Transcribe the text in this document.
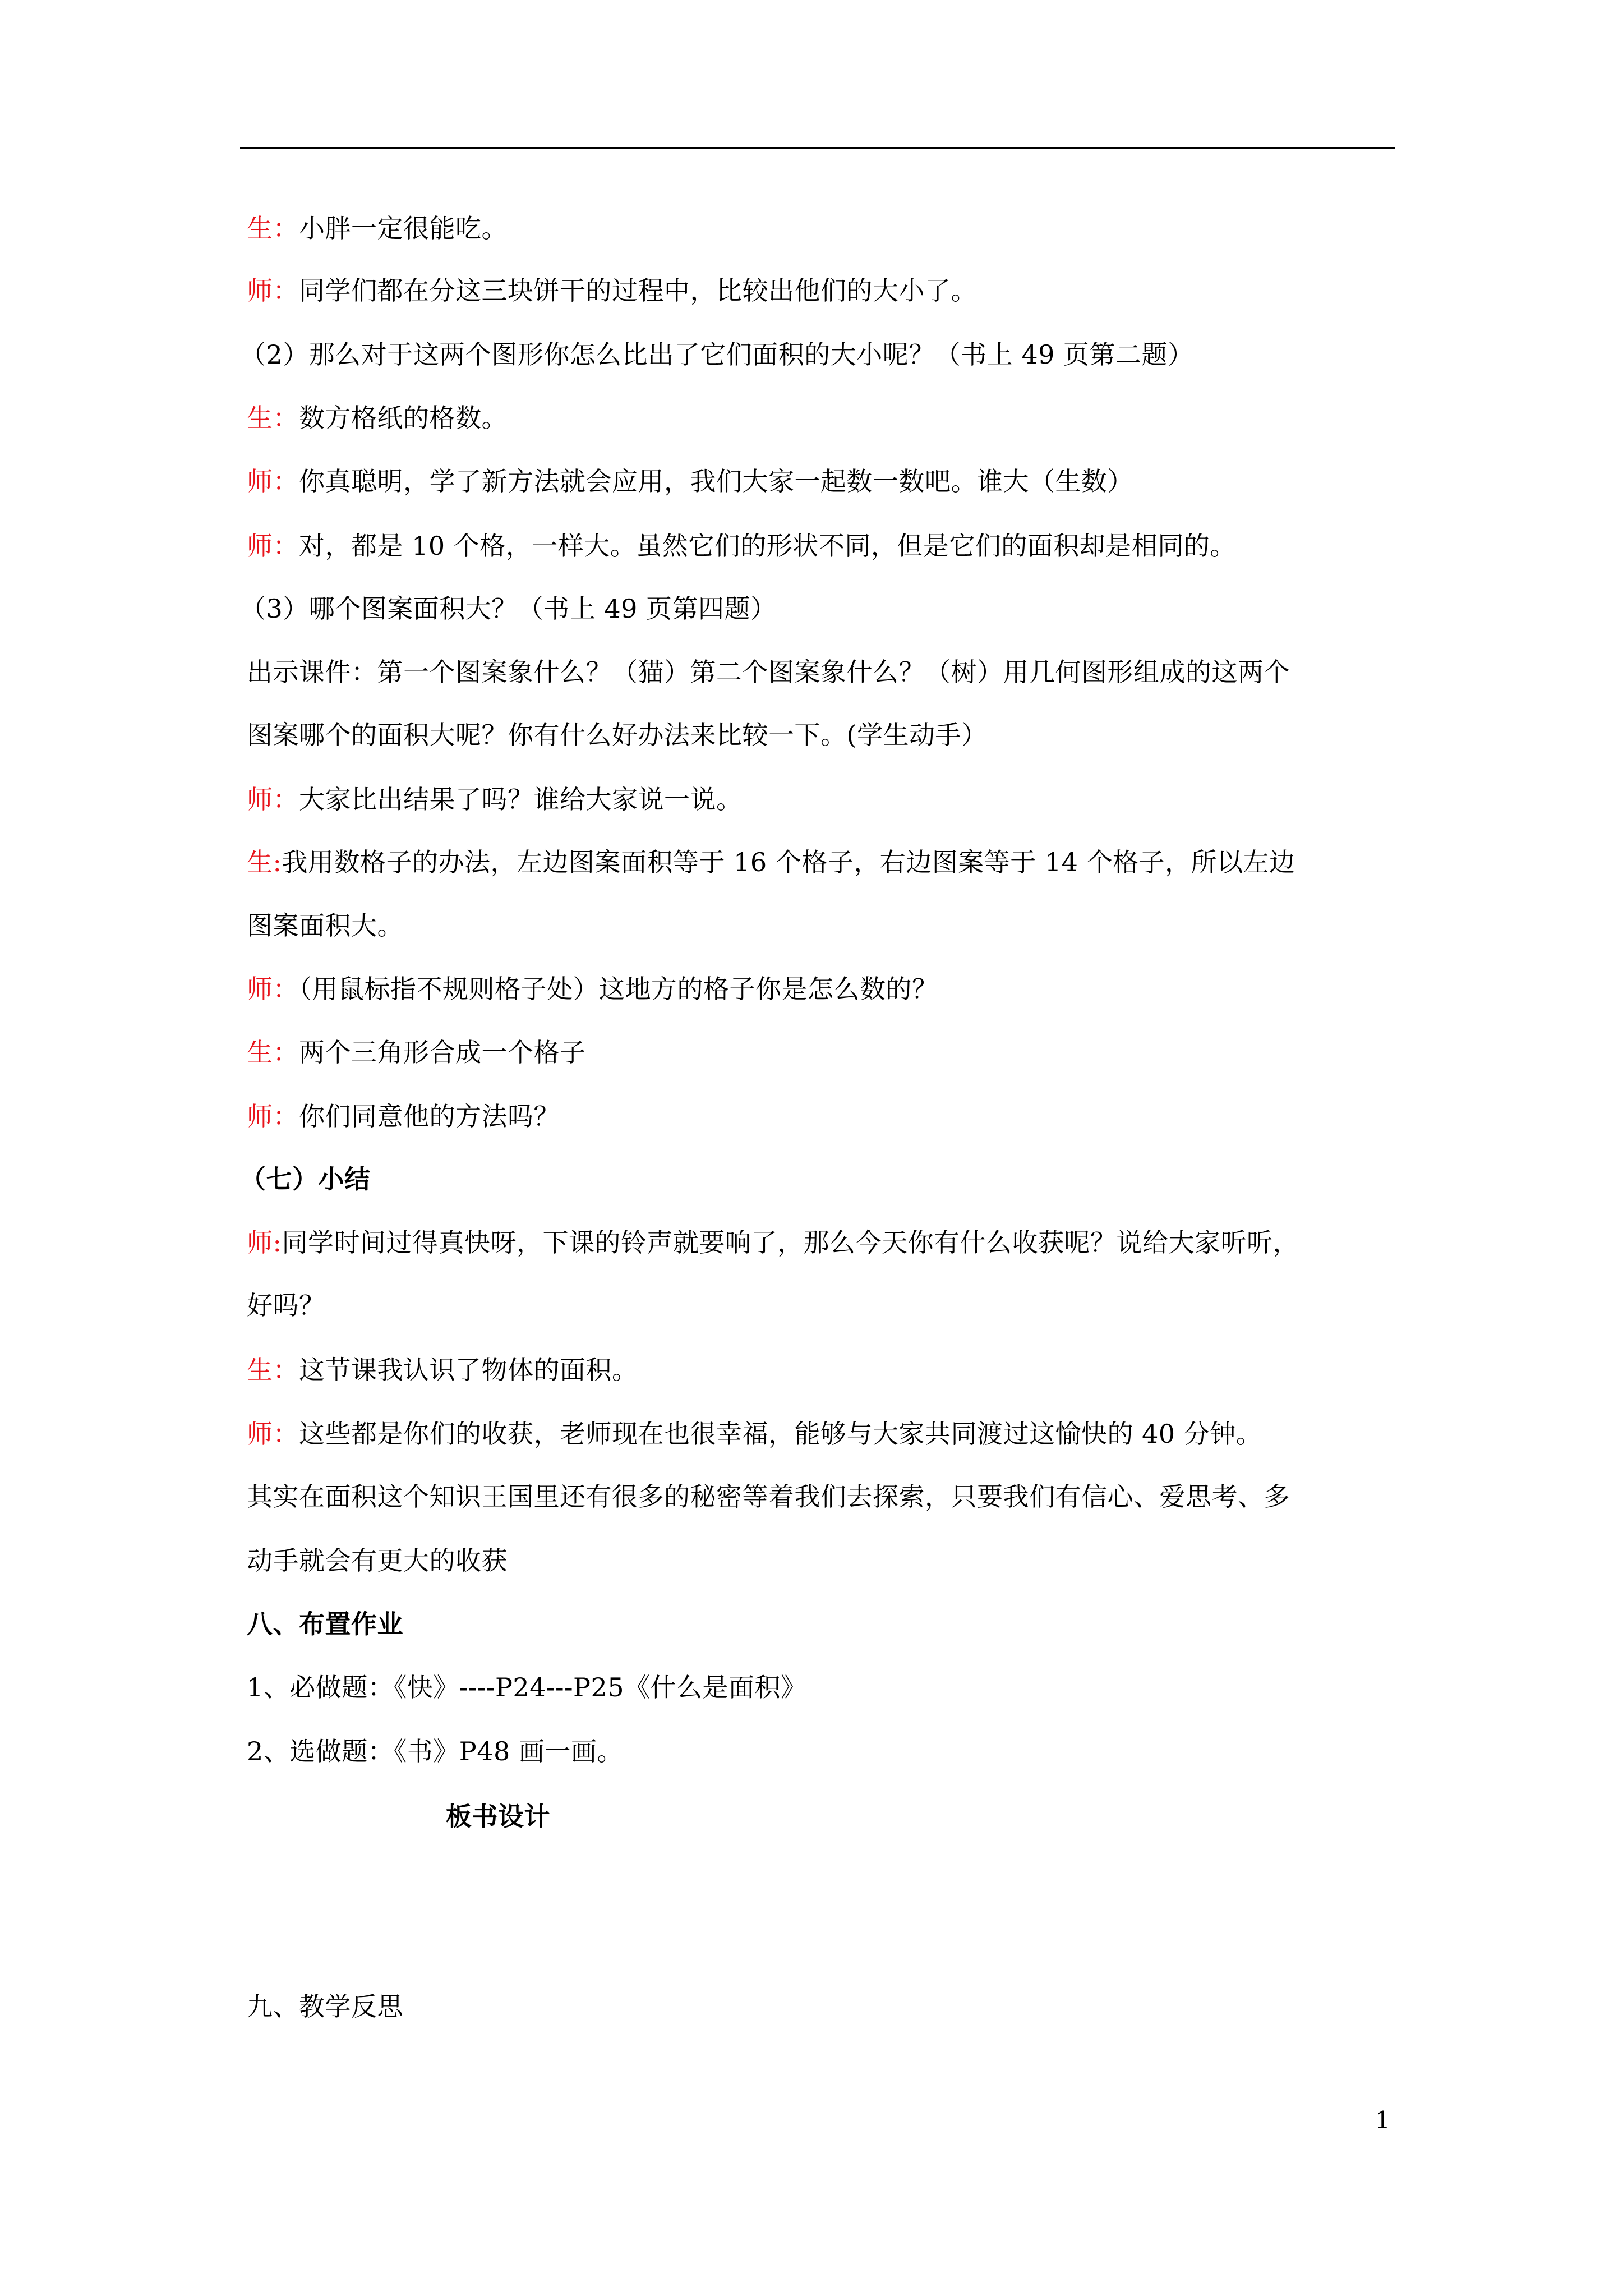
生：小胖一定很能吃。
师：同学们都在分这三块饼干的过程中，比较出他们的大小了。
（2）那么对于这两个图形你怎么比出了它们面积的大小呢？（书上 49 页第二题）
生：数方格纸的格数。
师：你真聪明，学了新方法就会应用，我们大家一起数一数吧。谁大（生数）
师：对，都是 10 个格，一样大。虽然它们的形状不同，但是它们的面积却是相同的。
（3）哪个图案面积大？（书上 49 页第四题）
出示课件：第一个图案象什么？（猫）第二个图案象什么？（树）用几何图形组成的这两个
图案哪个的面积大呢？你有什么好办法来比较一下。(学生动手）
师：大家比出结果了吗？谁给大家说一说。
生:我用数格子的办法，左边图案面积等于 16 个格子，右边图案等于 14 个格子，所以左边
图案面积大。
师：（用鼠标指不规则格子处）这地方的格子你是怎么数的？
生：两个三角形合成一个格子
师：你们同意他的方法吗？
（七）小结
师:同学时间过得真快呀，下课的铃声就要响了，那么今天你有什么收获呢？说给大家听听，
好吗？
生：这节课我认识了物体的面积。
师：这些都是你们的收获，老师现在也很幸福，能够与大家共同渡过这愉快的 40 分钟。
其实在面积这个知识王国里还有很多的秘密等着我们去探索，只要我们有信心、爱思考、多
动手就会有更大的收获
八、布置作业
1、必做题：《快》----P24---P25《什么是面积》
2、选做题：《书》P48 画一画。
板书设计
九、教学反思
1
